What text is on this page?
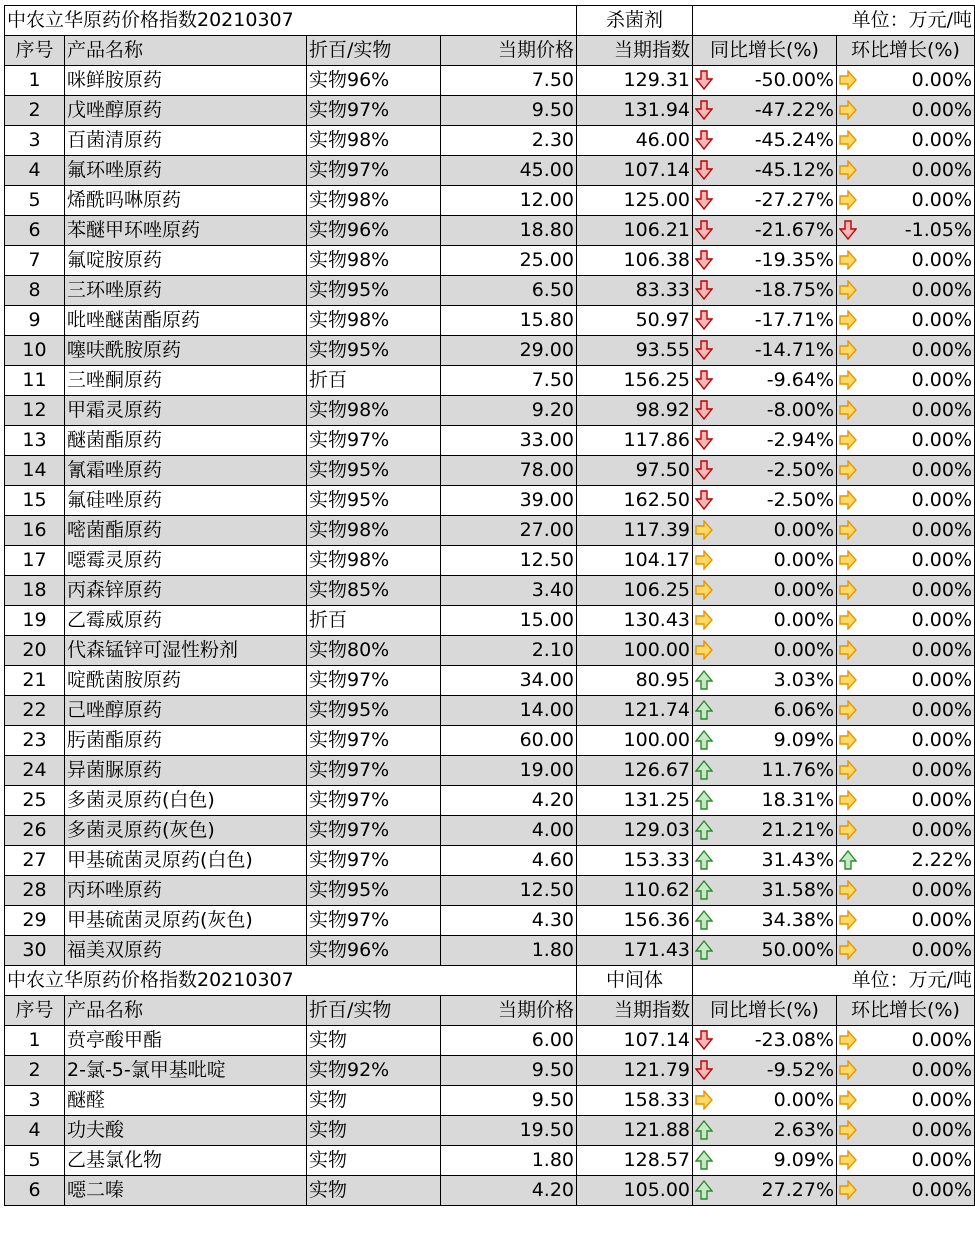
中农立华原药价格指数20210307				杀菌剂	单位：万元/吨	
序号	产品名称	折百/实物	当期价格	当期指数	同比增长(%)	环比增长(%)
1	咪鲜胺原药	实物96%	7.50	129.31	-50.00%	0.00%

2	戊唑醇原药	实物97%	9.50	131.94	-47.22%	0.00%

3	百菌清原药	实物98%	2.30	46.00	-45.24%	0.00%

4	氟环唑原药	实物97%	45.00	107.14	-45.12%	0.00%

5	烯酰吗啉原药	实物98%	12.00	125.00	-27.27%	0.00%

6	苯醚甲环唑原药	实物96%	18.80	106.21	-21.67%	-1.05%

7	氟啶胺原药	实物98%	25.00	106.38	-19.35%	0.00%

8	三环唑原药	实物95%	6.50	83.33	-18.75%	0.00%

9	吡唑醚菌酯原药	实物98%	15.80	50.97	-17.71%	0.00%

10	噻呋酰胺原药	实物95%	29.00	93.55	-14.71%	0.00%

11	三唑酮原药	折百	7.50	156.25	-9.64%	0.00%

12	甲霜灵原药	实物98%	9.20	98.92	-8.00%	0.00%

13	醚菌酯原药	实物97%	33.00	117.86	-2.94%	0.00%

14	氰霜唑原药	实物95%	78.00	97.50	-2.50%	0.00%

15	氟硅唑原药	实物95%	39.00	162.50	-2.50%	0.00%

16	嘧菌酯原药	实物98%	27.00	117.39	0.00%	0.00%

17	噁霉灵原药	实物98%	12.50	104.17	0.00%	0.00%

18	丙森锌原药	实物85%	3.40	106.25	0.00%	0.00%

19	乙霉威原药	折百	15.00	130.43	0.00%	0.00%

20	代森锰锌可湿性粉剂	实物80%	2.10	100.00	0.00%	0.00%

21	啶酰菌胺原药	实物97%	34.00	80.95	3.03%	0.00%

22	己唑醇原药	实物95%	14.00	121.74	6.06%	0.00%

23	肟菌酯原药	实物97%	60.00	100.00	9.09%	0.00%

24	异菌脲原药	实物97%	19.00	126.67	11.76%	0.00%

25	多菌灵原药(白色)	实物97%	4.20	131.25	18.31%	0.00%

26	多菌灵原药(灰色)	实物97%	4.00	129.03	21.21%	0.00%

27	甲基硫菌灵原药(白色)	实物97%	4.60	153.33	31.43%	2.22%

28	丙环唑原药	实物95%	12.50	110.62	31.58%	0.00%

29	甲基硫菌灵原药(灰色)	实物97%	4.30	156.36	34.38%	0.00%

30	福美双原药	实物96%	1.80	171.43	50.00%	0.00%

中农立华原药价格指数20210307				中间体	单位：万元/吨	
序号	产品名称	折百/实物	当期价格	当期指数	同比增长(%)	环比增长(%)
1	贲亭酸甲酯	实物	6.00	107.14	-23.08%	0.00%

2	2-氯-5-氯甲基吡啶	实物92%	9.50	121.79	-9.52%	0.00%

3	醚醛	实物	9.50	158.33	0.00%	0.00%

4	功夫酸	实物	19.50	121.88	2.63%	0.00%

5	乙基氯化物	实物	1.80	128.57	9.09%	0.00%

6	噁二嗪	实物	4.20	105.00	27.27%	0.00%
